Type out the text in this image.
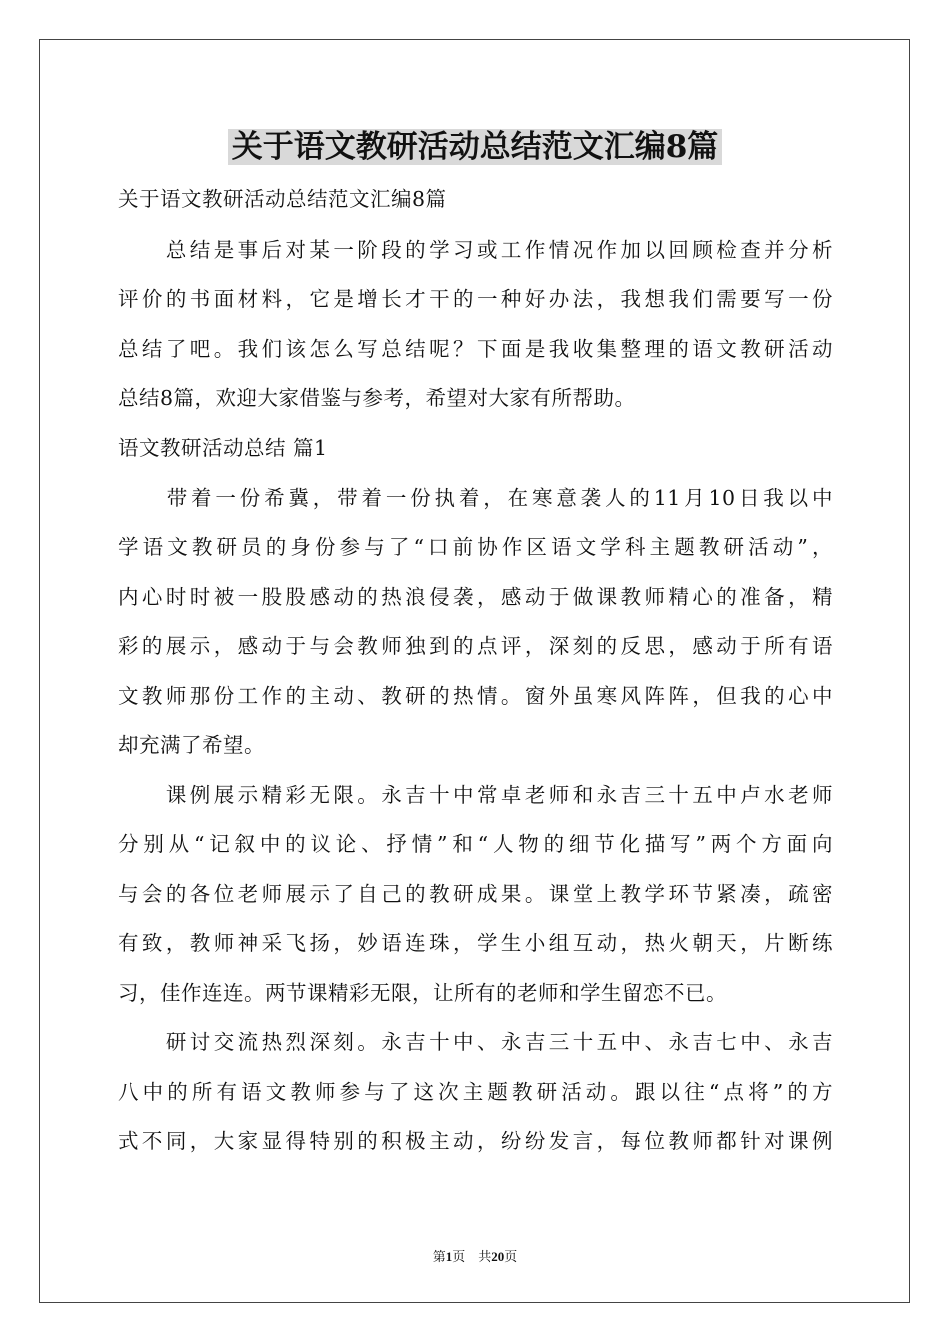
关于语文教研活动总结范文汇编8篇
关于语文教研活动总结范文汇编8篇
　　总结是事后对某一阶段的学习或工作情况作加以回顾检查并分析
评价的书面材料，它是增长才干的一种好办法，我想我们需要写一份
总结了吧。我们该怎么写总结呢？下面是我收集整理的语文教研活动
总结8篇，欢迎大家借鉴与参考，希望对大家有所帮助。
语文教研活动总结 篇1
　　带着一份希冀，带着一份执着，在寒意袭人的11月10日我以中
学语文教研员的身份参与了“口前协作区语文学科主题教研活动”，
内心时时被一股股感动的热浪侵袭，感动于做课教师精心的准备，精
彩的展示，感动于与会教师独到的点评，深刻的反思，感动于所有语
文教师那份工作的主动、教研的热情。窗外虽寒风阵阵，但我的心中
却充满了希望。
　　课例展示精彩无限。永吉十中常卓老师和永吉三十五中卢水老师
分别从“记叙中的议论、抒情”和“人物的细节化描写”两个方面向
与会的各位老师展示了自己的教研成果。课堂上教学环节紧凑，疏密
有致，教师神采飞扬，妙语连珠，学生小组互动，热火朝天，片断练
习，佳作连连。两节课精彩无限，让所有的老师和学生留恋不已。
　　研讨交流热烈深刻。永吉十中、永吉三十五中、永吉七中、永吉
八中的所有语文教师参与了这次主题教研活动。跟以往“点将”的方
式不同，大家显得特别的积极主动，纷纷发言，每位教师都针对课例
第1页　共20页
